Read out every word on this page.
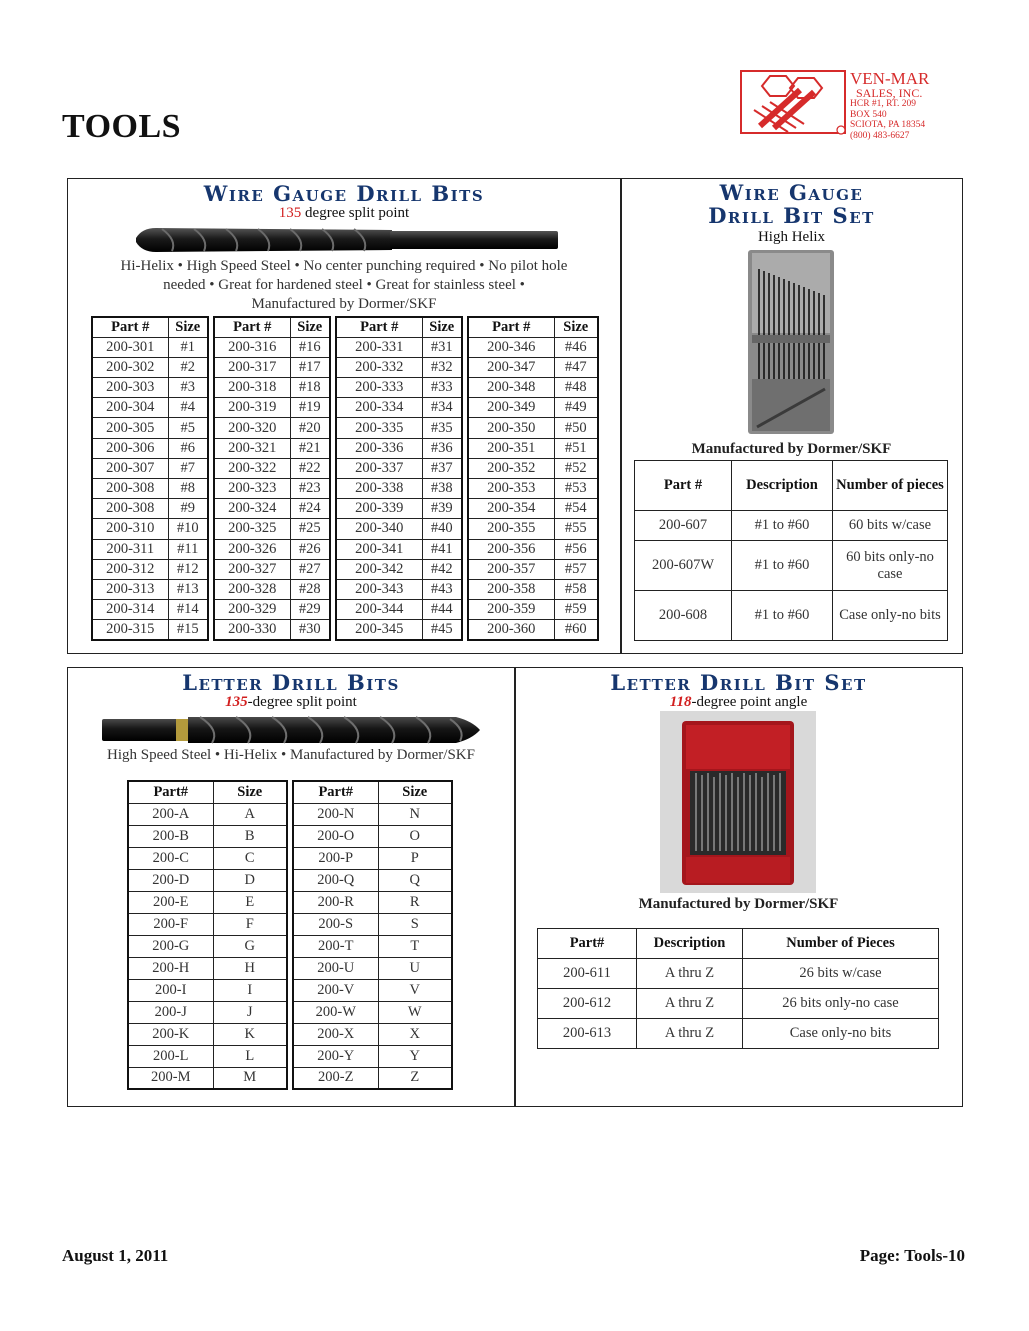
TOOLS
VEN-MAR
SALES, INC.
HCR #1, RT. 209
BOX 540
SCIOTA, PA 18354
(800) 483-6627
Wire Gauge Drill Bits
135 degree split point
Hi-Helix • High Speed Steel • No center punching required • No pilot hole
needed • Great for hardened steel • Great for stainless steel •
Manufactured by Dormer/SKF
Part #	Size
200-301	#1
200-302	#2
200-303	#3
200-304	#4
200-305	#5
200-306	#6
200-307	#7
200-308	#8
200-308	#9
200-310	#10
200-311	#11
200-312	#12
200-313	#13
200-314	#14
200-315	#15
Part #	Size
200-316	#16
200-317	#17
200-318	#18
200-319	#19
200-320	#20
200-321	#21
200-322	#22
200-323	#23
200-324	#24
200-325	#25
200-326	#26
200-327	#27
200-328	#28
200-329	#29
200-330	#30
Part #	Size
200-331	#31
200-332	#32
200-333	#33
200-334	#34
200-335	#35
200-336	#36
200-337	#37
200-338	#38
200-339	#39
200-340	#40
200-341	#41
200-342	#42
200-343	#43
200-344	#44
200-345	#45
Part #	Size
200-346	#46
200-347	#47
200-348	#48
200-349	#49
200-350	#50
200-351	#51
200-352	#52
200-353	#53
200-354	#54
200-355	#55
200-356	#56
200-357	#57
200-358	#58
200-359	#59
200-360	#60
Wire Gauge
Drill Bit Set
High Helix
Manufactured by Dormer/SKF
Part #	Description	Number of pieces
200-607	#1 to #60	60 bits w/case
200-607W	#1 to #60	60 bits only-no case
200-608	#1 to #60	Case only-no bits
Letter Drill Bits
135-degree split point
High Speed Steel • Hi-Helix • Manufactured by Dormer/SKF
Part#	Size
200-A	A
200-B	B
200-C	C
200-D	D
200-E	E
200-F	F
200-G	G
200-H	H
200-I	I
200-J	J
200-K	K
200-L	L
200-M	M
Part#	Size
200-N	N
200-O	O
200-P	P
200-Q	Q
200-R	R
200-S	S
200-T	T
200-U	U
200-V	V
200-W	W
200-X	X
200-Y	Y
200-Z	Z
Letter Drill Bit Set
118-degree point angle
Manufactured by Dormer/SKF
Part#	Description	Number of Pieces
200-611	A thru Z	26 bits w/case
200-612	A thru Z	26 bits only-no case
200-613	A thru Z	Case only-no bits
August 1, 2011	Page: Tools-10
